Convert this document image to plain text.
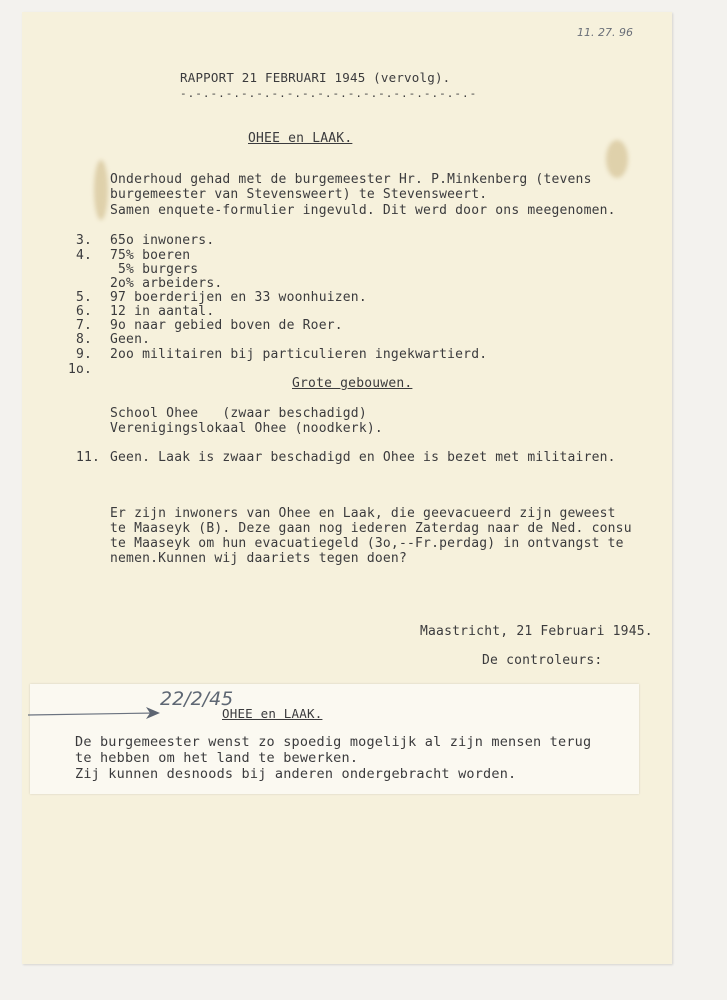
11. 27. 96
RAPPORT 21 FEBRUARI 1945 (vervolg).
-.-.-.-.-.-.-.-.-.-.-.-.-.-.-.-.-.-.-.-
OHEE en LAAK.
Onderhoud gehad met de burgemeester Hr. P.Minkenberg (tevens
burgemeester van Stevensweert) te Stevensweert.
Samen enquete-formulier ingevuld. Dit werd door ons meegenomen.
3. 65o inwoners.
4. 75% boeren
5% burgers
2o% arbeiders.
5. 97 boerderijen en 33 woonhuizen.
6. 12 in aantal.
7. 9o naar gebied boven de Roer.
8. Geen.
9. 2oo militairen bij particulieren ingekwartierd.
1o.
Grote gebouwen.
School Ohee   (zwaar beschadigd)
Verenigingslokaal Ohee (noodkerk).
11. Geen. Laak is zwaar beschadigd en Ohee is bezet met militairen.
Er zijn inwoners van Ohee en Laak, die geevacueerd zijn geweest
te Maaseyk (B). Deze gaan nog iederen Zaterdag naar de Ned. consu
te Maaseyk om hun evacuatiegeld (3o,--Fr.perdag) in ontvangst te
nemen.Kunnen wij daariets tegen doen?
Maastricht, 21 Februari 1945.
De controleurs:
22/2/45
OHEE en LAAK.
De burgemeester wenst zo spoedig mogelijk al zijn mensen terug
te hebben om het land te bewerken.
Zij kunnen desnoods bij anderen ondergebracht worden.
